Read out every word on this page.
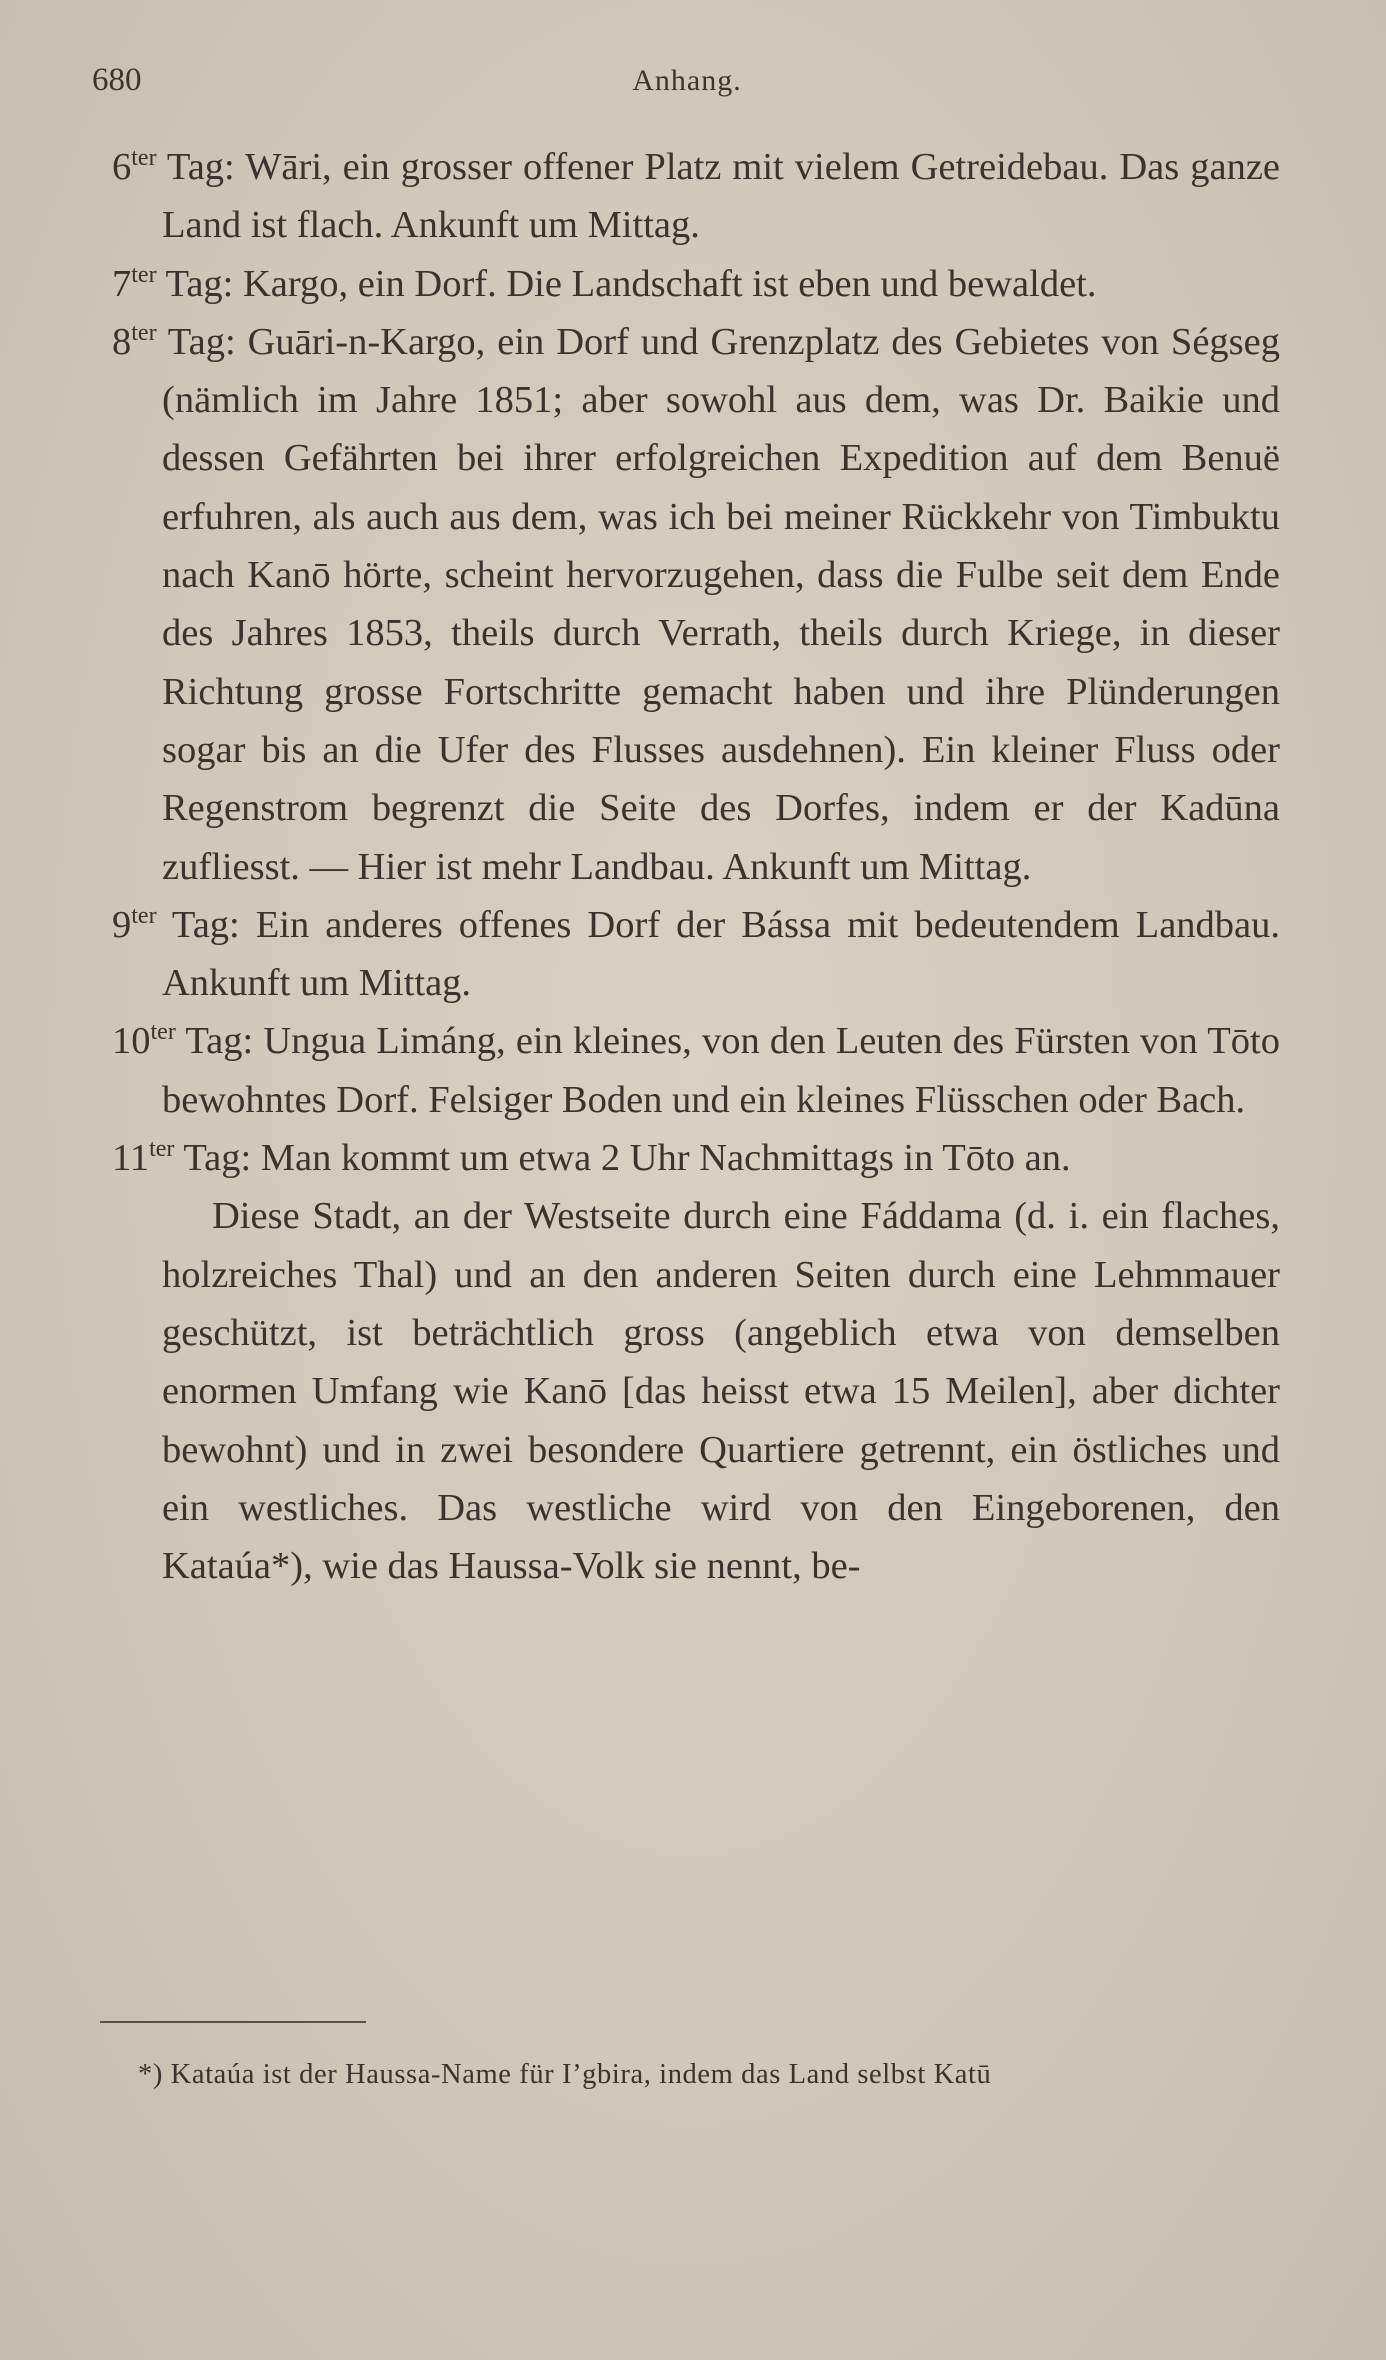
680	Anhang.

$6^{ter}$ Tag: Wāri, ein grosser offener Platz mit vielem Getreidebau. Das ganze Land ist flach. Ankunft um Mittag.

$7^{ter}$ Tag: Kargo, ein Dorf. Die Landschaft ist eben und bewaldet.

$8^{ter}$ Tag: Guāri-n-Kargo, ein Dorf und Grenzplatz des Gebietes von Ségseg (nämlich im Jahre 1851; aber sowohl aus dem, was Dr. Baikie und dessen Gefährten bei ihrer erfolgreichen Expedition auf dem Benuë erfuhren, als auch aus dem, was ich bei meiner Rückkehr von Timbuktu nach Kanō hörte, scheint hervorzugehen, dass die Fulbe seit dem Ende des Jahres 1853, theils durch Verrath, theils durch Kriege, in dieser Richtung grosse Fortschritte gemacht haben und ihre Plünderungen sogar bis an die Ufer des Flusses ausdehnen). Ein kleiner Fluss oder Regenstrom begrenzt die Seite des Dorfes, indem er der Kadūna zufliesst. — Hier ist mehr Landbau. Ankunft um Mittag.

$9^{ter}$ Tag: Ein anderes offenes Dorf der Bássa mit bedeutendem Landbau. Ankunft um Mittag.

$10^{ter}$ Tag: Ungua Limáng, ein kleines, von den Leuten des Fürsten von Tōto bewohntes Dorf. Felsiger Boden und ein kleines Flüsschen oder Bach.

$11^{ter}$ Tag: Man kommt um etwa 2 Uhr Nachmittags in Tōto an.

Diese Stadt, an der Westseite durch eine Fáddama (d. i. ein flaches, holzreiches Thal) und an den anderen Seiten durch eine Lehmmauer geschützt, ist beträchtlich gross (angeblich etwa von demselben enormen Umfang wie Kanō [das heisst etwa 15 Meilen], aber dichter bewohnt) und in zwei besondere Quartiere getrennt, ein östliches und ein westliches. Das westliche wird von den Eingeborenen, den Kataúa*), wie das Haussa-Volk sie nennt, be-

*) Kataúa ist der Haussa-Name für I’gbira, indem das Land selbst Katū
